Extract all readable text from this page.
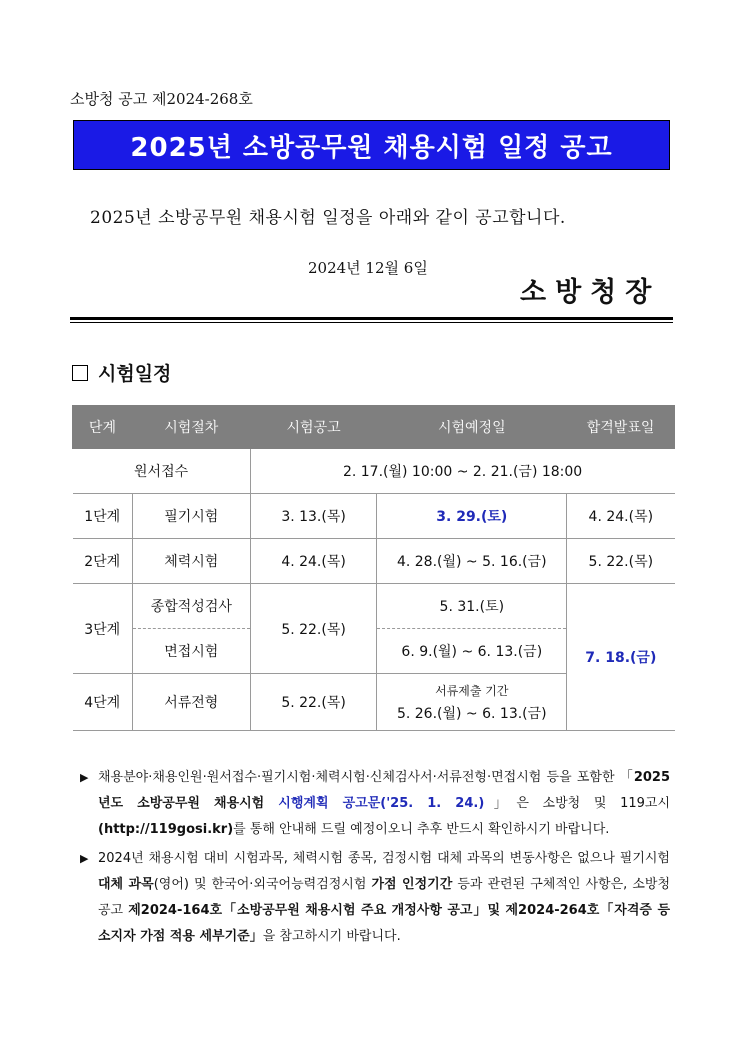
소방청 공고 제2024-268호
2025년 소방공무원 채용시험 일정 공고
2025년 소방공무원 채용시험 일정을 아래와 같이 공고합니다.
2024년 12월 6일
소방청장
시험일정
단계	시험절차	시험공고	시험예정일	합격발표일
원서접수		2. 17.(월) 10:00 ~ 2. 21.(금) 18:00		
1단계	필기시험	3. 13.(목)	3. 29.(토)	4. 24.(목)
2단계	체력시험	4. 24.(목)	4. 28.(월) ~ 5. 16.(금)	5. 22.(목)
3단계	종합적성검사	5. 22.(목)	5. 31.(토)	7. 18.(금)
	면접시험		6. 9.(월) ~ 6. 13.(금)	
4단계	서류전형	5. 22.(목)	서류제출 기간
5. 26.(월) ~ 6. 13.(금)	
▶ 채용분야·채용인원·원서접수·필기시험·체력시험·신체검사서·서류전형·면접시험 등을 포함한 「2025년도 소방공무원 채용시험 시행계획 공고문('25. 1. 24.)」은 소방청 및 119고시 (http://119gosi.kr)를 통해 안내해 드릴 예정이오니 추후 반드시 확인하시기 바랍니다.
▶ 2024년 채용시험 대비 시험과목, 체력시험 종목, 검정시험 대체 과목의 변동사항은 없으나 필기시험 대체 과목(영어) 및 한국어·외국어능력검정시험 가점 인정기간 등과 관련된 구체적인 사항은, 소방청 공고 제2024-164호「소방공무원 채용시험 주요 개정사항 공고」및 제2024-264호「자격증 등 소지자 가점 적용 세부기준」을 참고하시기 바랍니다.
